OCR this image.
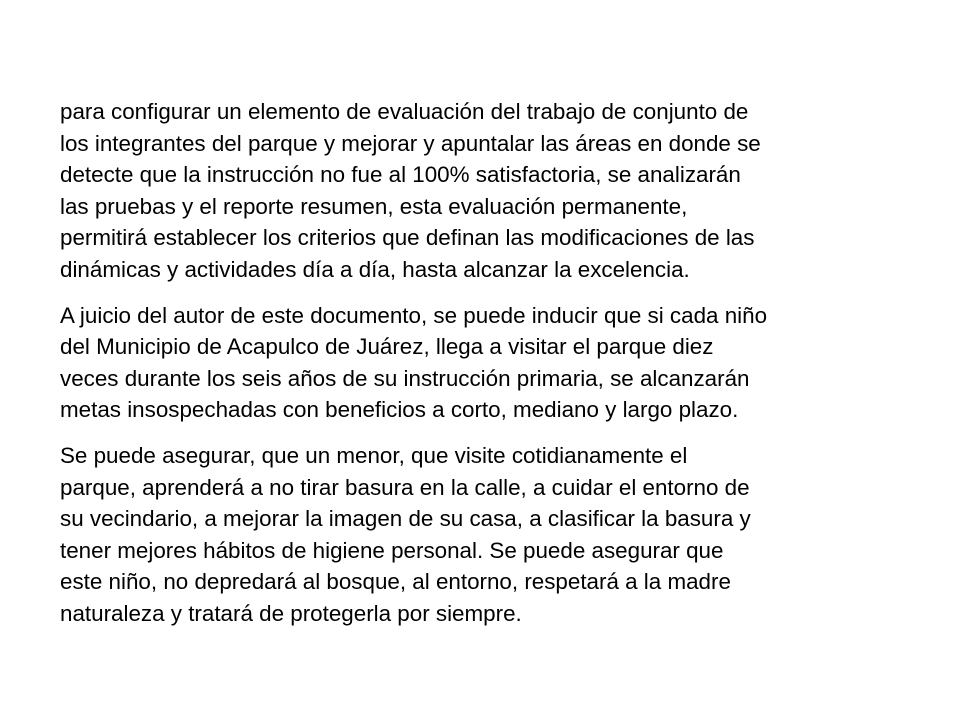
para configurar un elemento de evaluación del trabajo de conjunto de
los integrantes del parque y mejorar y apuntalar las áreas en donde se
detecte que la instrucción no fue al 100% satisfactoria, se analizarán
las pruebas y el reporte resumen, esta evaluación permanente,
permitirá establecer los criterios que definan las modificaciones de las
dinámicas y actividades día a día, hasta alcanzar la excelencia.

A juicio del autor de este documento, se puede inducir que si cada niño
del Municipio de Acapulco de Juárez, llega a visitar el parque diez
veces durante los seis años de su instrucción primaria, se alcanzarán
metas insospechadas con beneficios a corto, mediano y largo plazo.

Se puede asegurar, que un menor, que visite cotidianamente el
parque, aprenderá a no tirar basura en la calle, a cuidar el entorno de
su vecindario, a mejorar la imagen de su casa, a clasificar la basura y
tener mejores hábitos de higiene personal. Se puede asegurar que
este niño, no depredará al bosque, al entorno, respetará a la madre
naturaleza y tratará de protegerla por siempre.
